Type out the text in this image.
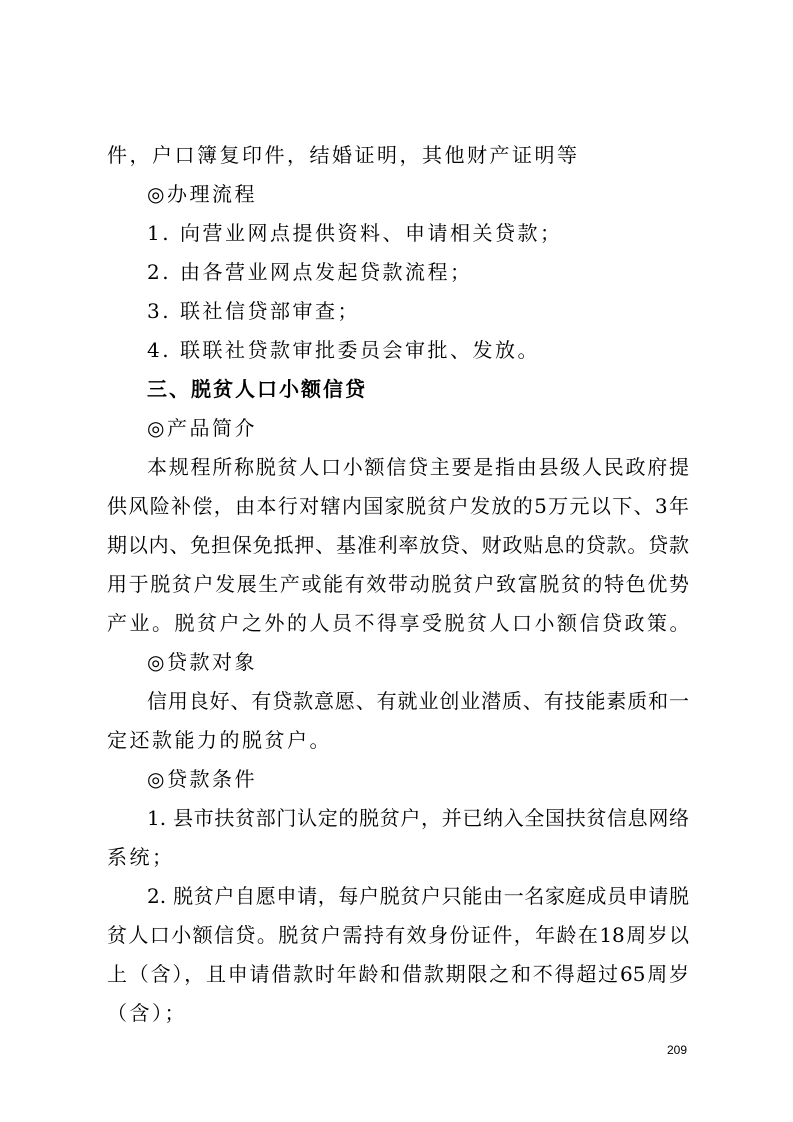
件，户口簿复印件，结婚证明，其他财产证明等
◎办理流程
1. 向营业网点提供资料、申请相关贷款；
2. 由各营业网点发起贷款流程；
3. 联社信贷部审查；
4. 联联社贷款审批委员会审批、发放。
三、脱贫人口小额信贷
◎产品简介
本规程所称脱贫人口小额信贷主要是指由县级人民政府提
供风险补偿，由本行对辖内国家脱贫户发放的5万元以下、3年
期以内、免担保免抵押、基准利率放贷、财政贴息的贷款。贷款
用于脱贫户发展生产或能有效带动脱贫户致富脱贫的特色优势
产业。脱贫户之外的人员不得享受脱贫人口小额信贷政策。
◎贷款对象
信用良好、有贷款意愿、有就业创业潜质、有技能素质和一
定还款能力的脱贫户。
◎贷款条件
1. 县市扶贫部门认定的脱贫户，并已纳入全国扶贫信息网络
系统；
2. 脱贫户自愿申请，每户脱贫户只能由一名家庭成员申请脱
贫人口小额信贷。脱贫户需持有效身份证件，年龄在18周岁以
上（含），且申请借款时年龄和借款期限之和不得超过65周岁
（含）；
209
